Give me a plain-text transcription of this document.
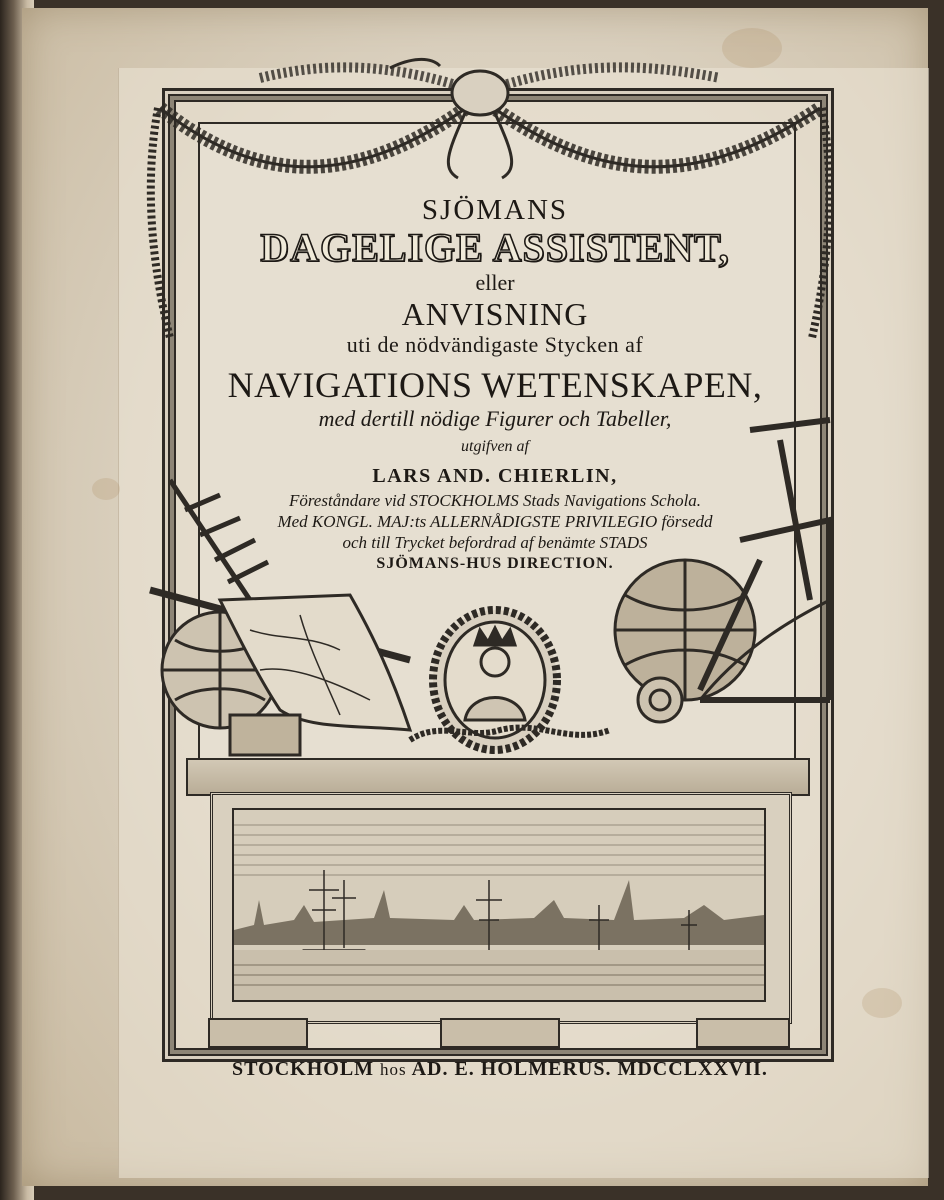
SJÖMANS
DAGELIGE ASSISTENT,
eller
ANVISNING
uti de nödvändigaste Stycken af
NAVIGATIONS WETENSKAPEN,
med dertill nödige Figurer och Tabeller,
utgifven af
LARS AND. CHIERLIN,
Föreståndare vid STOCKHOLMS Stads Navigations Schola.
Med KONGL. MAJ:ts ALLERNÅDIGSTE PRIVILEGIO försedd
och till Trycket befordrad af benämte STADS
SJÖMANS-HUS DIRECTION.
STOCKHOLM hos AD. E. HOLMERUS. MDCCLXXVII.
